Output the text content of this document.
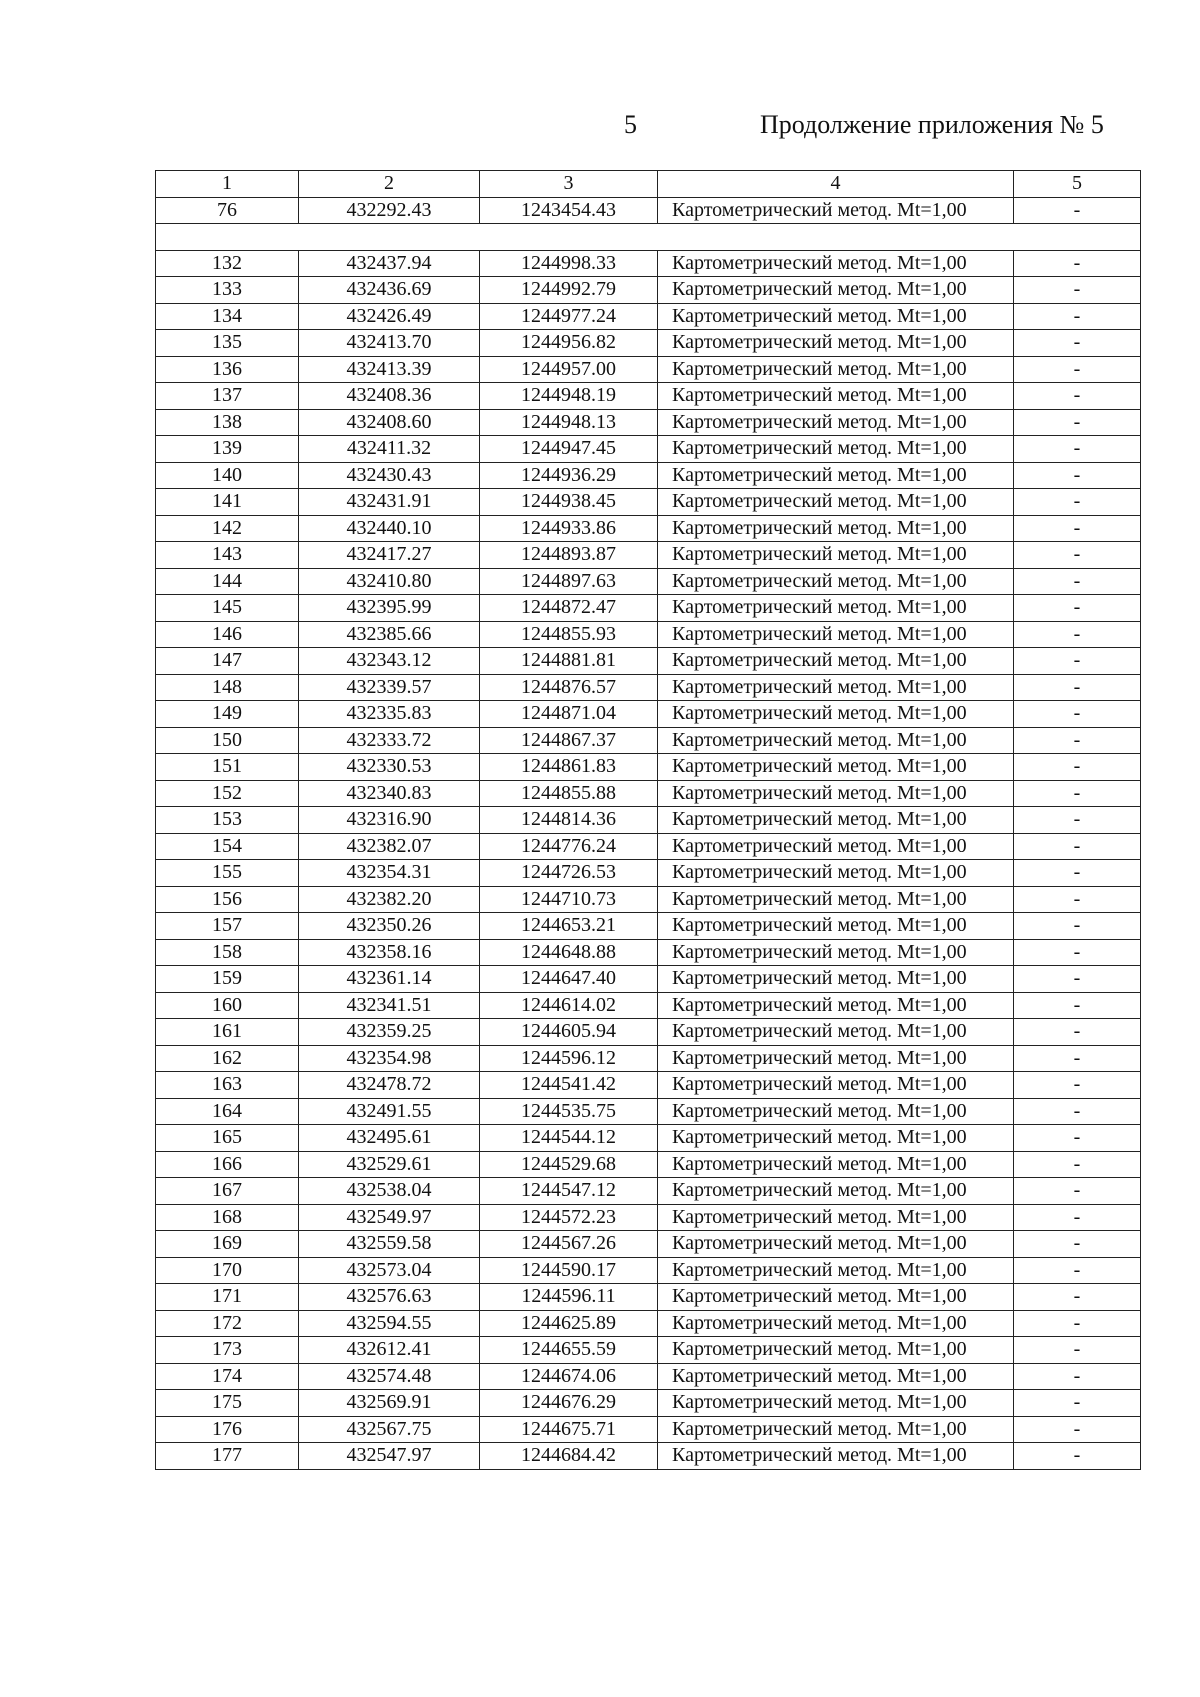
5	Продолжение приложения № 5
1	2	3	4	5
76	432292.43	1243454.43	Картометрический метод. Mt=1,00	-

132	432437.94	1244998.33	Картометрический метод. Mt=1,00	-
133	432436.69	1244992.79	Картометрический метод. Mt=1,00	-
134	432426.49	1244977.24	Картометрический метод. Mt=1,00	-
135	432413.70	1244956.82	Картометрический метод. Mt=1,00	-
136	432413.39	1244957.00	Картометрический метод. Mt=1,00	-
137	432408.36	1244948.19	Картометрический метод. Mt=1,00	-
138	432408.60	1244948.13	Картометрический метод. Mt=1,00	-
139	432411.32	1244947.45	Картометрический метод. Mt=1,00	-
140	432430.43	1244936.29	Картометрический метод. Mt=1,00	-
141	432431.91	1244938.45	Картометрический метод. Mt=1,00	-
142	432440.10	1244933.86	Картометрический метод. Mt=1,00	-
143	432417.27	1244893.87	Картометрический метод. Mt=1,00	-
144	432410.80	1244897.63	Картометрический метод. Mt=1,00	-
145	432395.99	1244872.47	Картометрический метод. Mt=1,00	-
146	432385.66	1244855.93	Картометрический метод. Mt=1,00	-
147	432343.12	1244881.81	Картометрический метод. Mt=1,00	-
148	432339.57	1244876.57	Картометрический метод. Mt=1,00	-
149	432335.83	1244871.04	Картометрический метод. Mt=1,00	-
150	432333.72	1244867.37	Картометрический метод. Mt=1,00	-
151	432330.53	1244861.83	Картометрический метод. Mt=1,00	-
152	432340.83	1244855.88	Картометрический метод. Mt=1,00	-
153	432316.90	1244814.36	Картометрический метод. Mt=1,00	-
154	432382.07	1244776.24	Картометрический метод. Mt=1,00	-
155	432354.31	1244726.53	Картометрический метод. Mt=1,00	-
156	432382.20	1244710.73	Картометрический метод. Mt=1,00	-
157	432350.26	1244653.21	Картометрический метод. Mt=1,00	-
158	432358.16	1244648.88	Картометрический метод. Mt=1,00	-
159	432361.14	1244647.40	Картометрический метод. Mt=1,00	-
160	432341.51	1244614.02	Картометрический метод. Mt=1,00	-
161	432359.25	1244605.94	Картометрический метод. Mt=1,00	-
162	432354.98	1244596.12	Картометрический метод. Mt=1,00	-
163	432478.72	1244541.42	Картометрический метод. Mt=1,00	-
164	432491.55	1244535.75	Картометрический метод. Mt=1,00	-
165	432495.61	1244544.12	Картометрический метод. Mt=1,00	-
166	432529.61	1244529.68	Картометрический метод. Mt=1,00	-
167	432538.04	1244547.12	Картометрический метод. Mt=1,00	-
168	432549.97	1244572.23	Картометрический метод. Mt=1,00	-
169	432559.58	1244567.26	Картометрический метод. Mt=1,00	-
170	432573.04	1244590.17	Картометрический метод. Mt=1,00	-
171	432576.63	1244596.11	Картометрический метод. Mt=1,00	-
172	432594.55	1244625.89	Картометрический метод. Mt=1,00	-
173	432612.41	1244655.59	Картометрический метод. Mt=1,00	-
174	432574.48	1244674.06	Картометрический метод. Mt=1,00	-
175	432569.91	1244676.29	Картометрический метод. Mt=1,00	-
176	432567.75	1244675.71	Картометрический метод. Mt=1,00	-
177	432547.97	1244684.42	Картометрический метод. Mt=1,00	-
